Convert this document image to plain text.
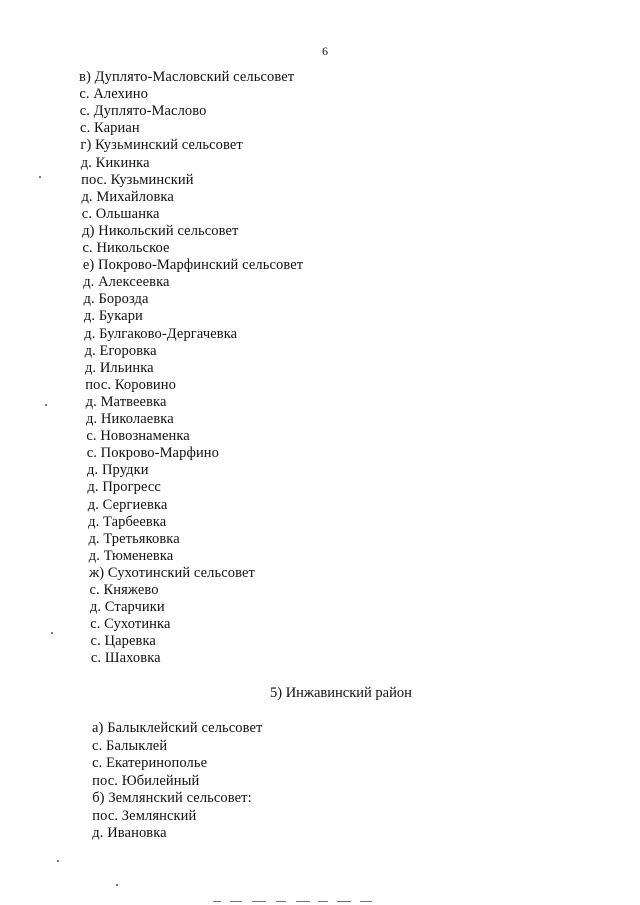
6
в) Дуплято-Масловский сельсовет
с. Алехино
с. Дуплято-Маслово
с. Кариан
г) Кузьминский сельсовет
д. Кикинка
пос. Кузьминский
д. Михайловка
с. Ольшанка
д) Никольский сельсовет
с. Никольское
е) Покрово-Марфинский сельсовет
д. Алексеевка
д. Борозда
д. Букари
д. Булгаково-Дергачевка
д. Егоровка
д. Ильинка
пос. Коровино
д. Матвеевка
д. Николаевка
с. Новознаменка
с. Покрово-Марфино
д. Прудки
д. Прогресс
д. Сергиевка
д. Тарбеевка
д. Третьяковка
д. Тюменевка
ж) Сухотинский сельсовет
с. Княжево
д. Старчики
с. Сухотинка
с. Царевка
с. Шаховка
5) Инжавинский район
а) Балыклейский сельсовет
с. Балыклей
с. Екатеринополье
пос. Юбилейный
б) Землянский сельсовет:
пос. Землянский
д. Ивановка
